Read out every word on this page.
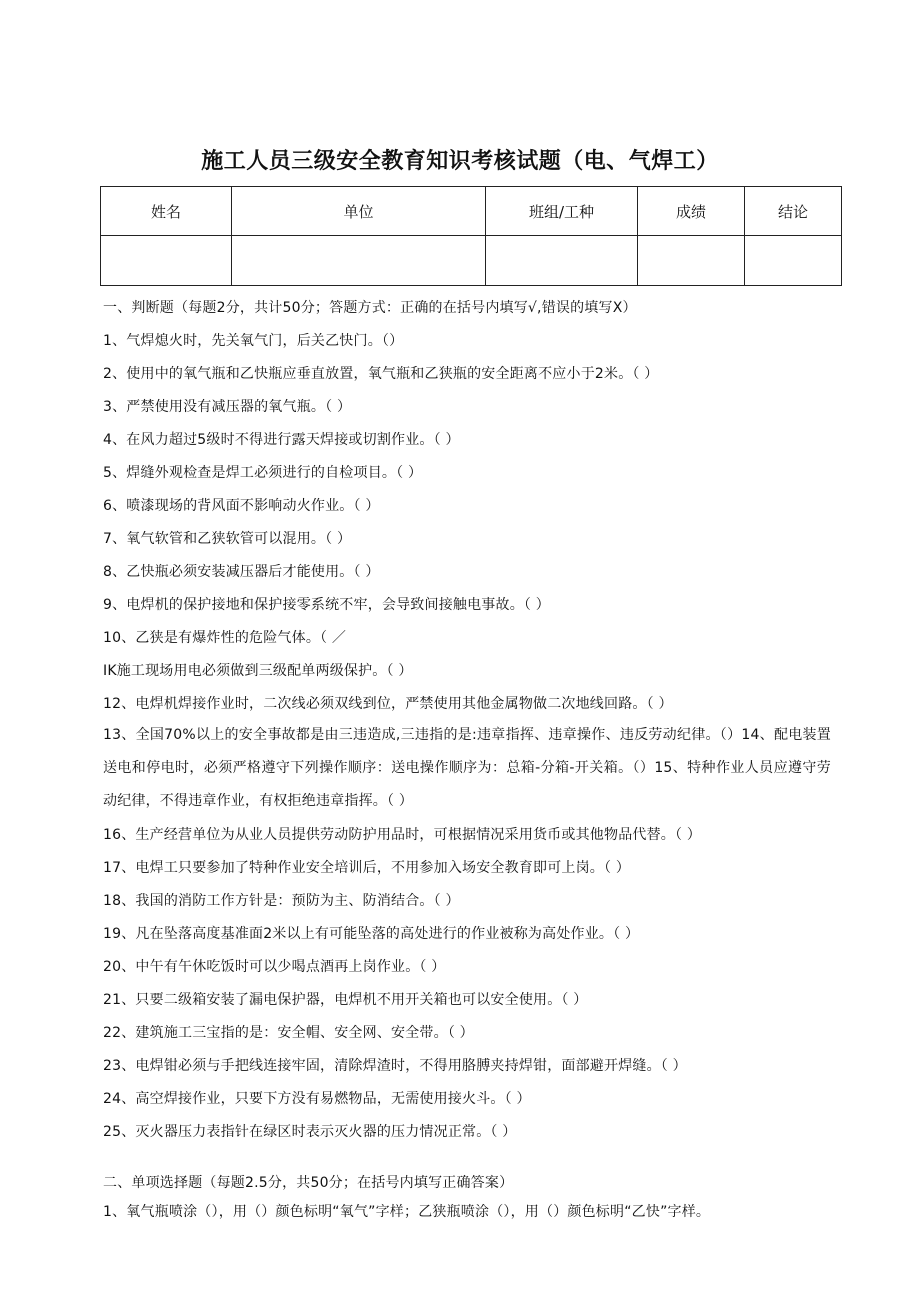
施工人员三级安全教育知识考核试题（电、气焊工）
姓名	单位	班组/工种	成绩	结论

一、判断题（每题2分，共计50分；答题方式：正确的在括号内填写√,错误的填写X）
1、气焊熄火时，先关氧气门，后关乙快门。（）
2、使用中的氧气瓶和乙快瓶应垂直放置，氧气瓶和乙狭瓶的安全距离不应小于2米。（ ）
3、严禁使用没有减压器的氧气瓶。（ ）
4、在风力超过5级时不得进行露天焊接或切割作业。（ ）
5、焊缝外观检查是焊工必须进行的自检项目。（ ）
6、喷漆现场的背风面不影响动火作业。（ ）
7、氧气软管和乙狭软管可以混用。（ ）
8、乙快瓶必须安装减压器后才能使用。（ ）
9、电焊机的保护接地和保护接零系统不牢，会导致间接触电事故。（ ）
10、乙狭是有爆炸性的危险气体。（ ／
IK施工现场用电必须做到三级配单两级保护。（ ）
12、电焊机焊接作业时，二次线必须双线到位，严禁使用其他金属物做二次地线回路。（ ）
13、全国70%以上的安全事故都是由三违造成,三违指的是:违章指挥、违章操作、违反劳动纪律。（）14、配电装置送电和停电时，必须严格遵守下列操作顺序：送电操作顺序为：总箱-分箱-开关箱。（）15、特种作业人员应遵守劳动纪律，不得违章作业，有权拒绝违章指挥。（ ）
16、生产经营单位为从业人员提供劳动防护用品时，可根据情况采用货币或其他物品代替。（ ）
17、电焊工只要参加了特种作业安全培训后，不用参加入场安全教育即可上岗。（ ）
18、我国的消防工作方针是：预防为主、防消结合。（ ）
19、凡在坠落高度基准面2米以上有可能坠落的高处进行的作业被称为高处作业。（ ）
20、中午有午休吃饭时可以少喝点酒再上岗作业。（ ）
21、只要二级箱安装了漏电保护器，电焊机不用开关箱也可以安全使用。（ ）
22、建筑施工三宝指的是：安全帽、安全网、安全带。（ ）
23、电焊钳必须与手把线连接牢固，清除焊渣时，不得用胳膊夹持焊钳，面部避开焊缝。（ ）
24、高空焊接作业，只要下方没有易燃物品，无需使用接火斗。（ ）
25、灭火器压力表指针在绿区时表示灭火器的压力情况正常。（ ）
二、单项选择题（每题2.5分，共50分；在括号内填写正确答案）
1、氧气瓶喷涂（），用（）颜色标明“氧气”字样；乙狭瓶喷涂（），用（）颜色标明“乙快”字样。
